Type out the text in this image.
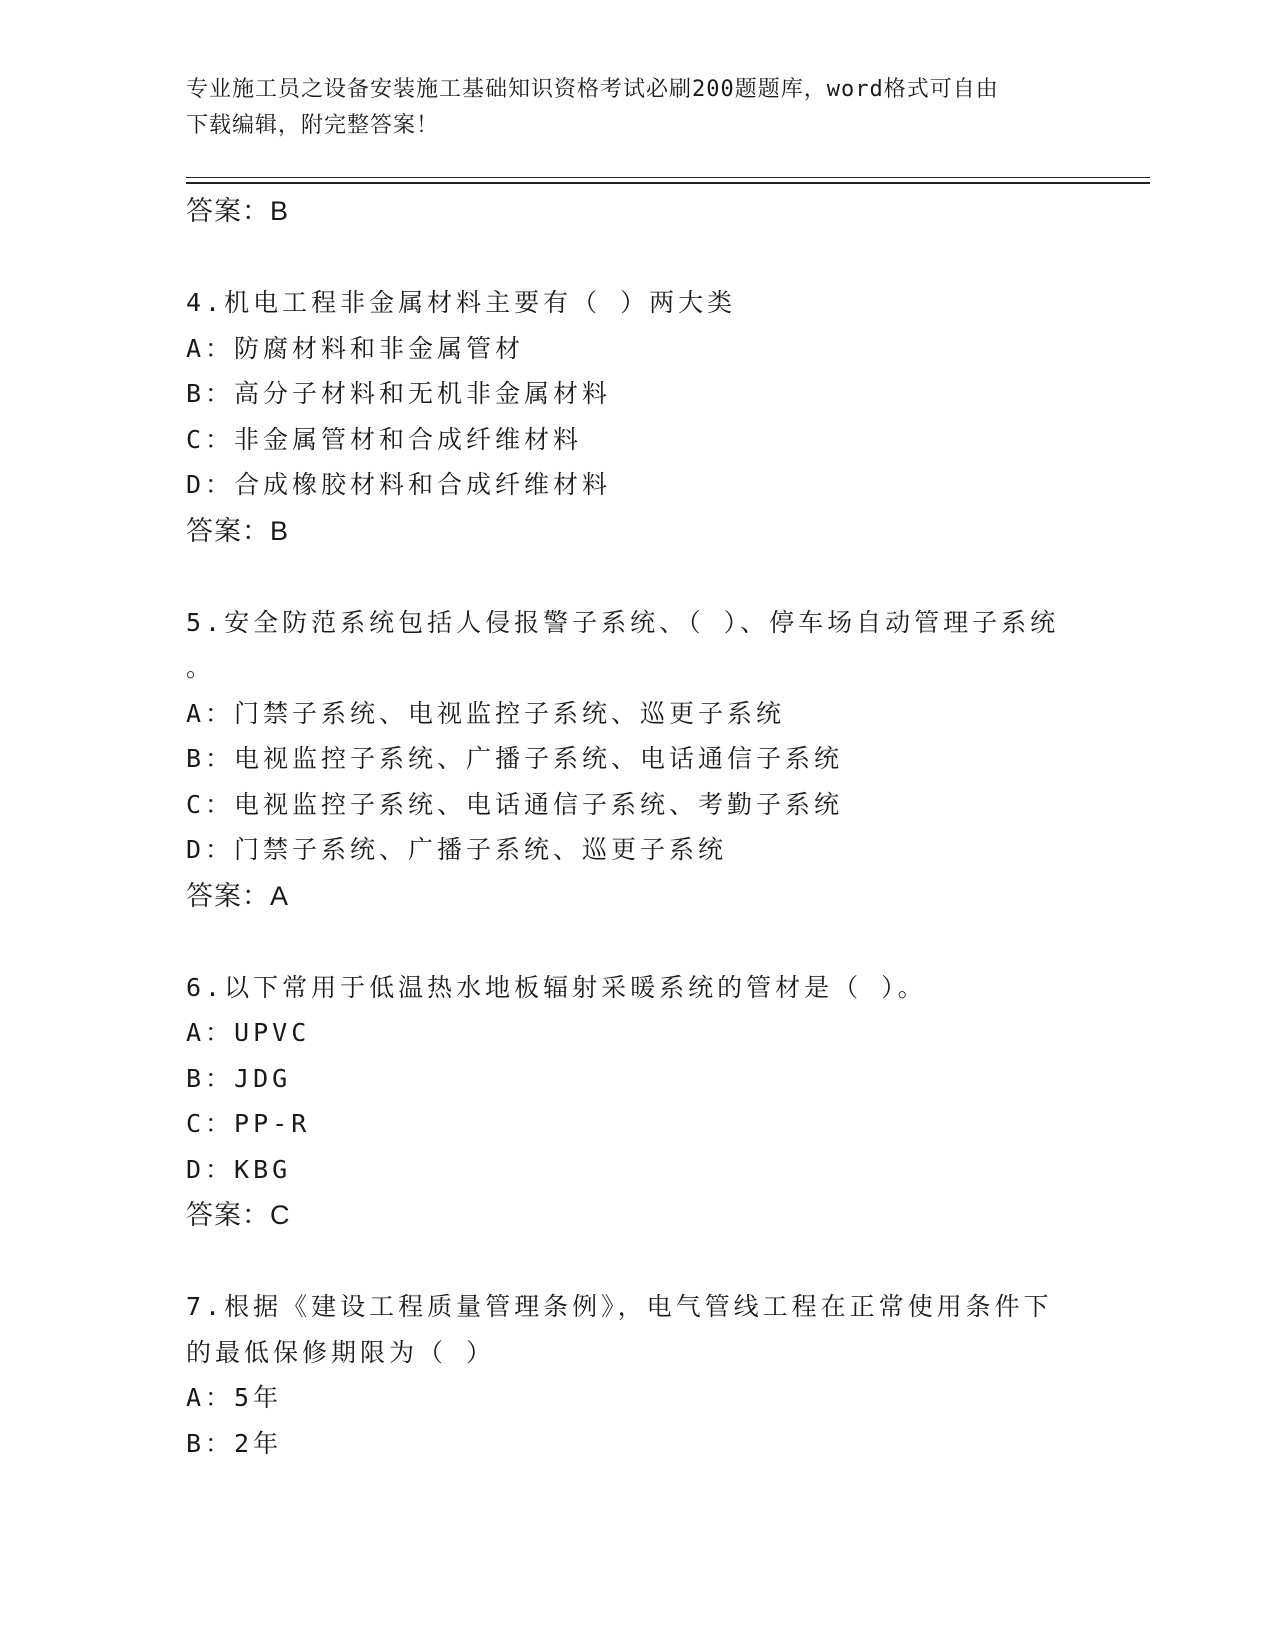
专业施工员之设备安装施工基础知识资格考试必刷200题题库，word格式可自由
下载编辑，附完整答案！
答案：B
4.机电工程非金属材料主要有（ ）两大类
A：防腐材料和非金属管材
B：高分子材料和无机非金属材料
C：非金属管材和合成纤维材料
D：合成橡胶材料和合成纤维材料
答案：B
5.安全防范系统包括人侵报警子系统、（ ）、停车场自动管理子系统
。
A：门禁子系统、电视监控子系统、巡更子系统
B：电视监控子系统、广播子系统、电话通信子系统
C：电视监控子系统、电话通信子系统、考勤子系统
D：门禁子系统、广播子系统、巡更子系统
答案：A
6.以下常用于低温热水地板辐射采暖系统的管材是（ ）。
A：UPVC
B：JDG
C：PP-R
D：KBG
答案：C
7.根据《建设工程质量管理条例》，电气管线工程在正常使用条件下
的最低保修期限为（ ）
A：5年
B：2年
